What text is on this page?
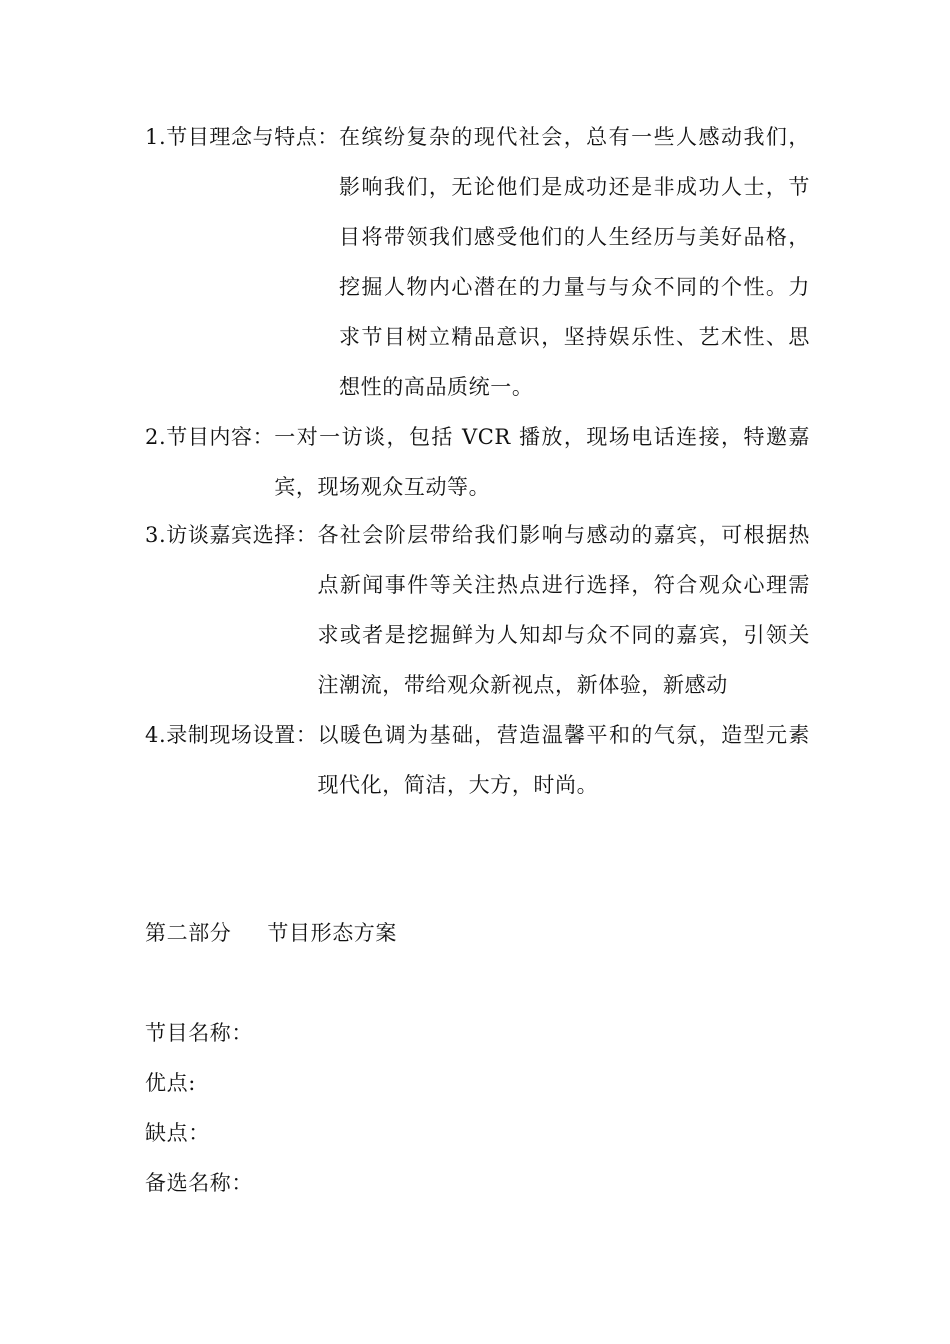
1.节目理念与特点： 在缤纷复杂的现代社会，总有一些人感动我们，影响我们，无论他们是成功还是非成功人士，节目将带领我们感受他们的人生经历与美好品格，挖掘人物内心潜在的力量与与众不同的个性。力求节目树立精品意识，坚持娱乐性、艺术性、思想性的高品质统一。
2.节目内容： 一对一访谈，包括 VCR 播放，现场电话连接，特邀嘉宾，现场观众互动等。
3.访谈嘉宾选择： 各社会阶层带给我们影响与感动的嘉宾，可根据热点新闻事件等关注热点进行选择，符合观众心理需求或者是挖掘鲜为人知却与众不同的嘉宾，引领关注潮流，带给观众新视点，新体验，新感动
4.录制现场设置： 以暖色调为基础，营造温馨平和的气氛，造型元素现代化，简洁，大方，时尚。
第二部分 节目形态方案
节目名称：
优点:
缺点：
备选名称：
